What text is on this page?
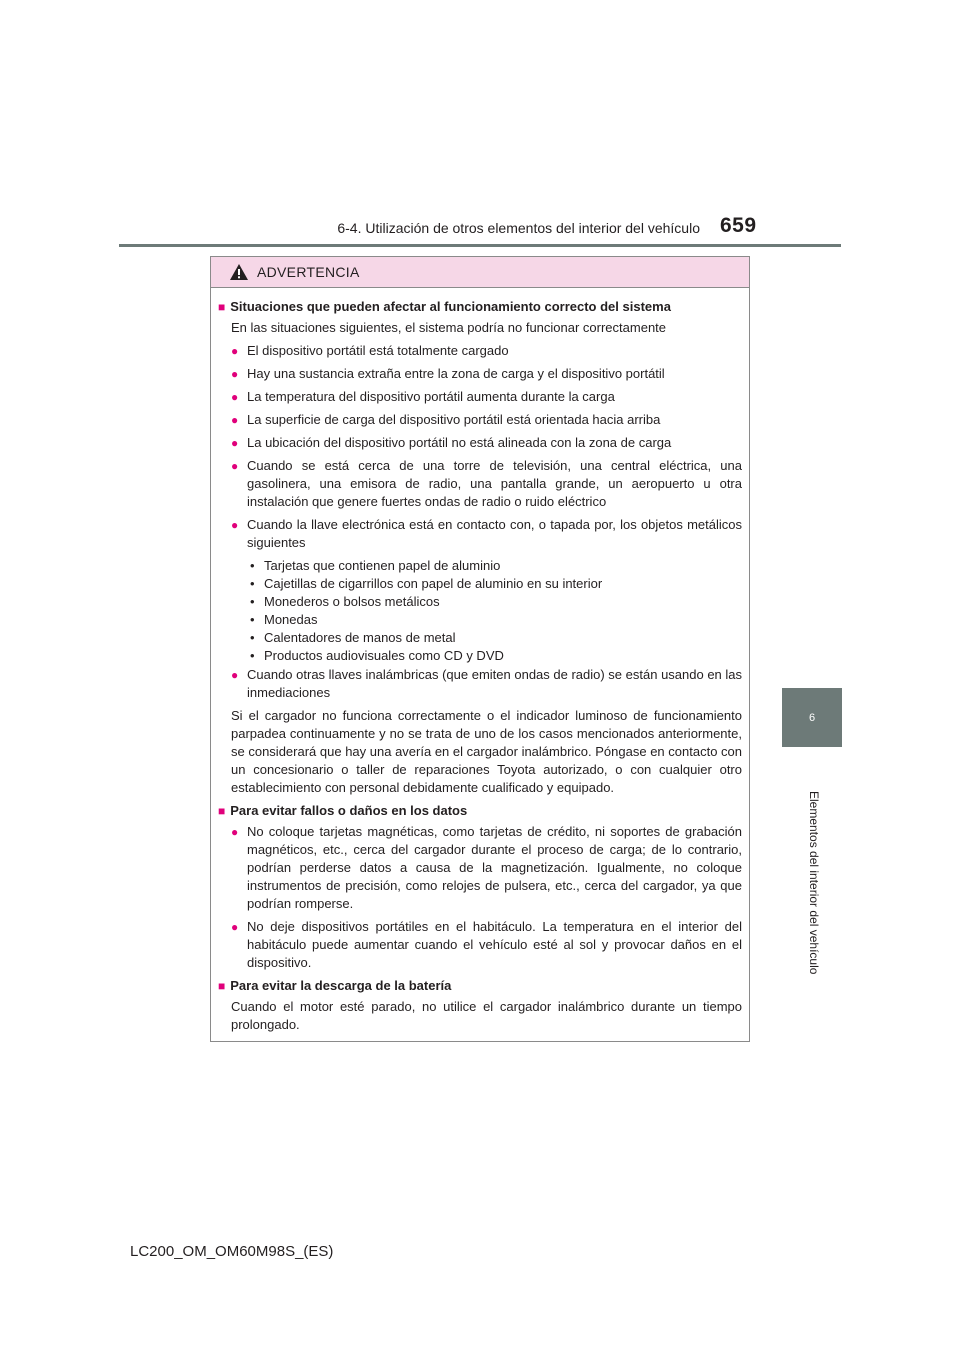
6-4. Utilización de otros elementos del interior del vehículo 659
6
Elementos del interior del vehículo
ADVERTENCIA
■ Situaciones que pueden afectar al funcionamiento correcto del sistema
En las situaciones siguientes, el sistema podría no funcionar correctamente
● El dispositivo portátil está totalmente cargado
● Hay una sustancia extraña entre la zona de carga y el dispositivo portátil
● La temperatura del dispositivo portátil aumenta durante la carga
● La superficie de carga del dispositivo portátil está orientada hacia arriba
● La ubicación del dispositivo portátil no está alineada con la zona de carga
● Cuando se está cerca de una torre de televisión, una central eléctrica, una gasolinera, una emisora de radio, una pantalla grande, un aeropuerto u otra instalación que genere fuertes ondas de radio o ruido eléctrico
● Cuando la llave electrónica está en contacto con, o tapada por, los objetos metálicos siguientes
• Tarjetas que contienen papel de aluminio
• Cajetillas de cigarrillos con papel de aluminio en su interior
• Monederos o bolsos metálicos
• Monedas
• Calentadores de manos de metal
• Productos audiovisuales como CD y DVD
● Cuando otras llaves inalámbricas (que emiten ondas de radio) se están usando en las inmediaciones
Si el cargador no funciona correctamente o el indicador luminoso de funcionamiento parpadea continuamente y no se trata de uno de los casos mencionados anteriormente, se considerará que hay una avería en el cargador inalámbrico. Póngase en contacto con un concesionario o taller de reparaciones Toyota autorizado, o con cualquier otro establecimiento con personal debidamente cualificado y equipado.
■ Para evitar fallos o daños en los datos
● No coloque tarjetas magnéticas, como tarjetas de crédito, ni soportes de grabación magnéticos, etc., cerca del cargador durante el proceso de carga; de lo contrario, podrían perderse datos a causa de la magnetización. Igualmente, no coloque instrumentos de precisión, como relojes de pulsera, etc., cerca del cargador, ya que podrían romperse.
● No deje dispositivos portátiles en el habitáculo. La temperatura en el interior del habitáculo puede aumentar cuando el vehículo esté al sol y provocar daños en el dispositivo.
■ Para evitar la descarga de la batería
Cuando el motor esté parado, no utilice el cargador inalámbrico durante un tiempo prolongado.
LC200_OM_OM60M98S_(ES)
